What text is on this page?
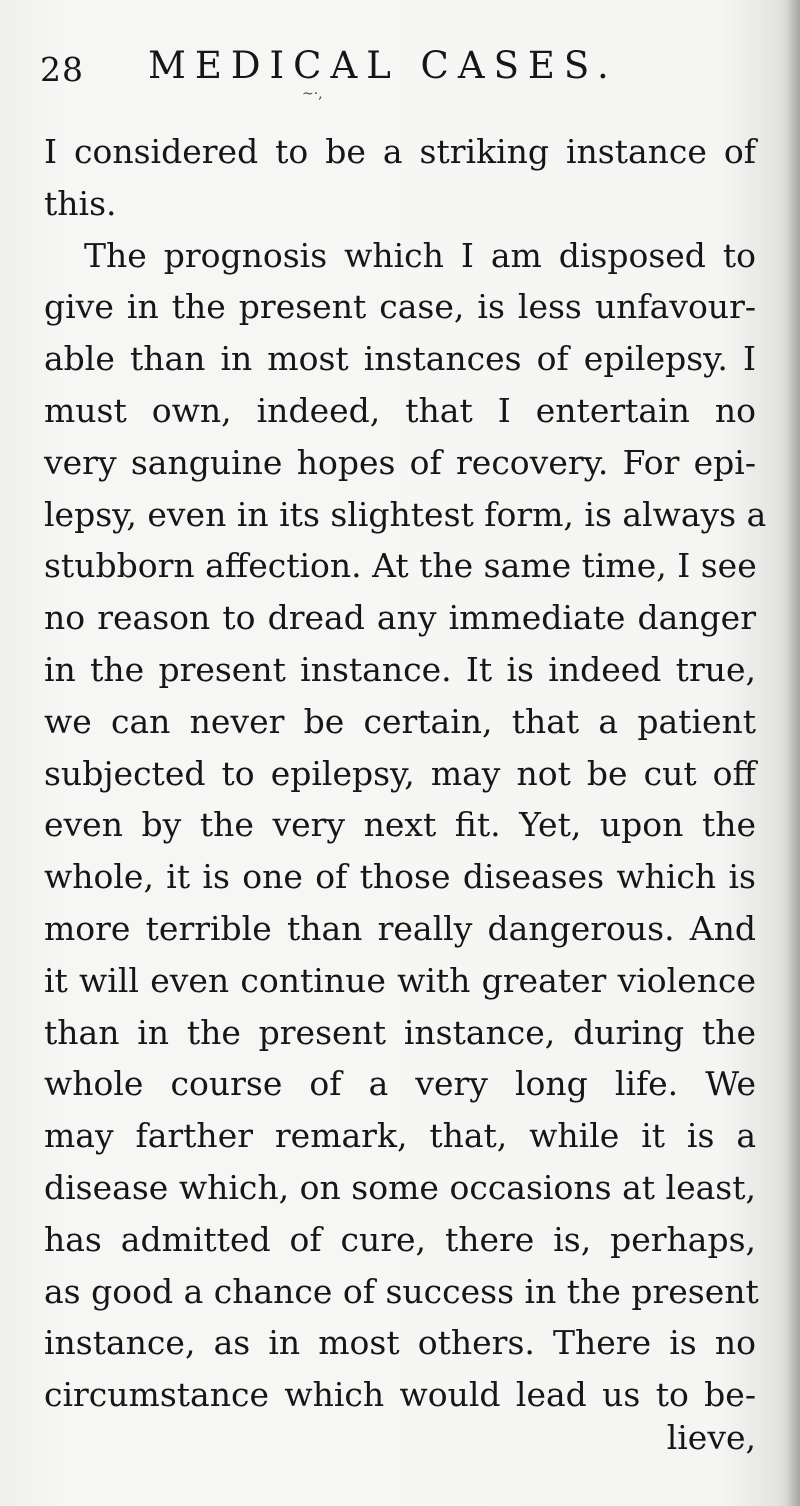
28 MEDICAL CASES.
~·,
I considered to be a striking instance of
this.
The prognosis which I am disposed to
give in the present case, is less unfavour-
able than in most instances of epilepsy. I
must own, indeed, that I entertain no
very sanguine hopes of recovery. For epi-
lepsy, even in its slightest form, is always a
stubborn affection. At the same time, I see
no reason to dread any immediate danger
in the present instance. It is indeed true,
we can never be certain, that a patient
subjected to epilepsy, may not be cut off
even by the very next fit. Yet, upon the
whole, it is one of those diseases which is
more terrible than really dangerous. And
it will even continue with greater violence
than in the present instance, during the
whole course of a very long life. We
may farther remark, that, while it is a
disease which, on some occasions at least,
has admitted of cure, there is, perhaps,
as good a chance of success in the present
instance, as in most others. There is no
circumstance which would lead us to be-
lieve,
